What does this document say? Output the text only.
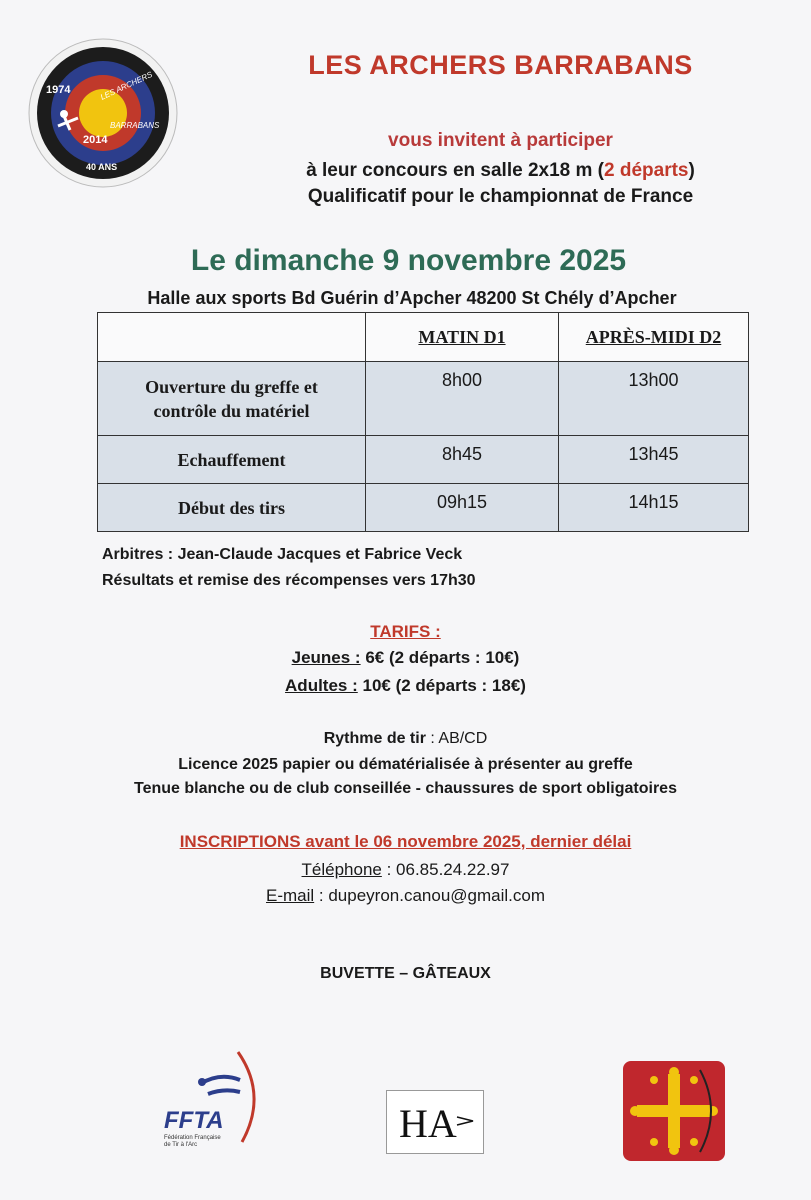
1974
2014
40 ANS
LES ARCHERS
BARRABANS
LES ARCHERS BARRABANS
vous invitent à participer
à leur concours en salle 2x18 m (2 départs)
Qualificatif pour le championnat de France
Le dimanche 9 novembre 2025
Halle aux sports Bd Guérin d’Apcher 48200 St Chély d’Apcher
	MATIN D1	APRÈS-MIDI D2
Ouverture du greffe et
contrôle du matériel	8h00	13h00
Echauffement	8h45	13h45
Début des tirs	09h15	14h15
Arbitres : Jean-Claude Jacques et Fabrice Veck
Résultats et remise des récompenses vers 17h30
TARIFS :
Jeunes : 6€ (2 départs : 10€)
Adultes : 10€ (2 départs : 18€)
Rythme de tir : AB/CD
Licence 2025 papier ou dématérialisée à présenter au greffe
Tenue blanche ou de club conseillée - chaussures de sport obligatoires
INSCRIPTIONS avant le 06 novembre 2025, dernier délai
Téléphone : 06.85.24.22.97
E-mail : dupeyron.canou@gmail.com
BUVETTE – GÂTEAUX
FFTA
Fédération Française
de Tir à l'Arc	HA
